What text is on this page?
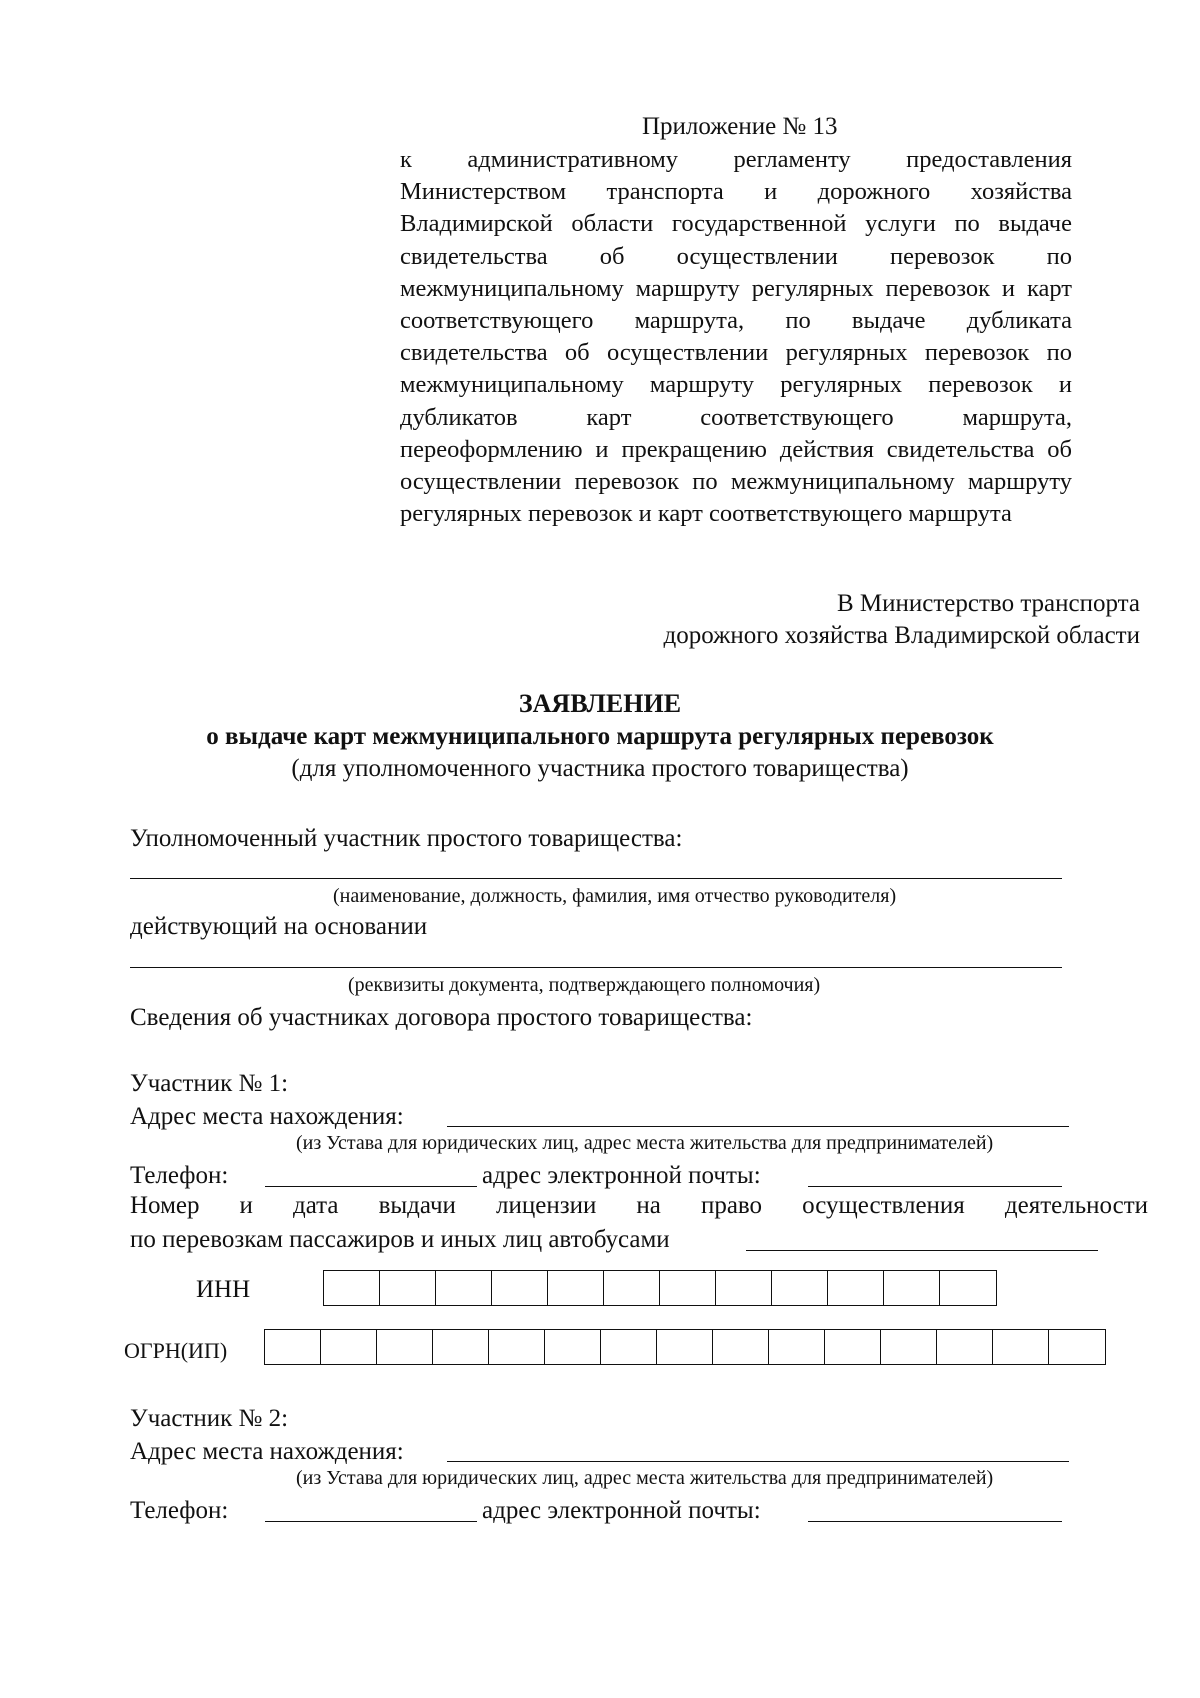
Приложение № 13
к административному регламенту предоставления Министерством транспорта и дорожного хозяйства Владимирской области государственной услуги по выдаче свидетельства об осуществлении перевозок по межмуниципальному маршруту регулярных перевозок и карт соответствующего маршрута, по выдаче дубликата свидетельства об осуществлении регулярных перевозок по межмуниципальному маршруту регулярных перевозок и дубликатов карт соответствующего маршрута, переоформлению и прекращению действия свидетельства об осуществлении перевозок по межмуниципальному маршруту регулярных перевозок и карт соответствующего маршрута
В Министерство транспорта
дорожного хозяйства Владимирской области
ЗАЯВЛЕНИЕ
о выдаче карт межмуниципального маршрута регулярных перевозок
(для уполномоченного участника простого товарищества)
Уполномоченный участник простого товарищества:
(наименование, должность, фамилия, имя отчество руководителя)
действующий на основании
(реквизиты документа, подтверждающего полномочия)
Сведения об участниках договора простого товарищества:
Участник № 1:
Адрес места нахождения:
(из Устава для юридических лиц, адрес места жительства для предпринимателей)
Телефон:	адрес электронной почты:
Номер и дата выдачи лицензии на право осуществления деятельности
по перевозкам пассажиров и иных лиц автобусами
ИНН
ОГРН(ИП)
Участник № 2:
Адрес места нахождения:
(из Устава для юридических лиц, адрес места жительства для предпринимателей)
Телефон:	адрес электронной почты:
